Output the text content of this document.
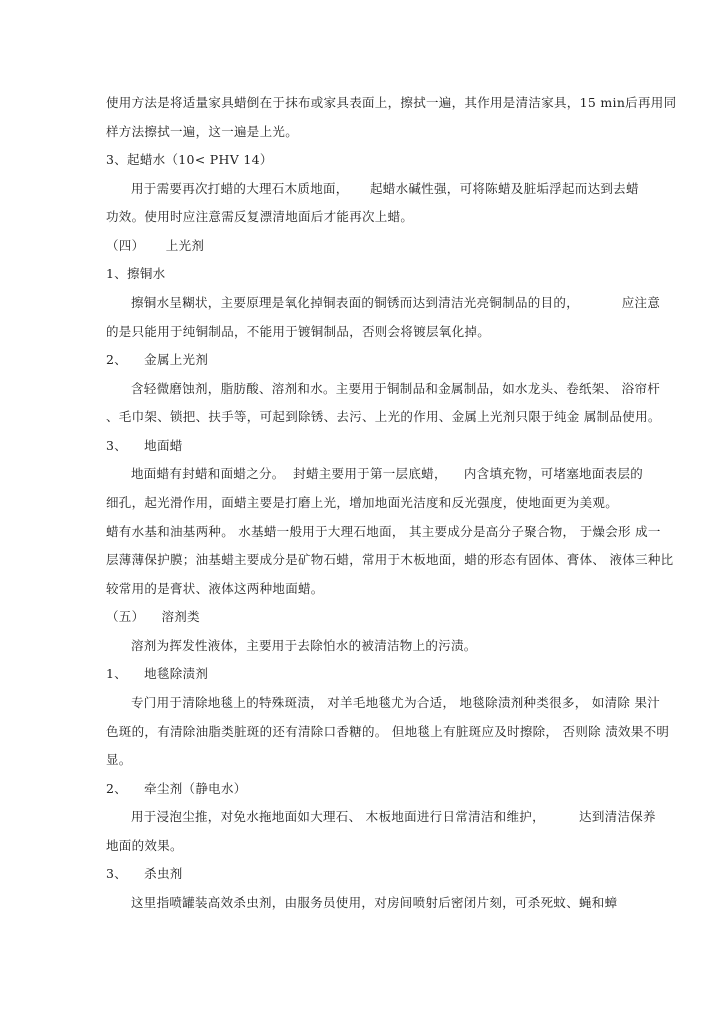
使用方法是将适量家具蜡倒在于抹布或家具表面上，擦拭一遍，其作用是清洁家具，15 min后再用同
样方法擦拭一遍，这一遍是上光。
3、起蜡水（10< PHV 14）
用于需要再次打蜡的大理石木质地面，     起蜡水碱性强，可将陈蜡及脏垢浮起而达到去蜡
功效。使用时应注意需反复漂清地面后才能再次上蜡。
（四）     上光剂
1、擦铜水
擦铜水呈糊状，主要原理是氧化掉铜表面的铜锈而达到清洁光亮铜制品的目的，          应注意
的是只能用于纯铜制品，不能用于镀铜制品，否则会将镀层氧化掉。
2、    金属上光剂
含轻微磨蚀剂，脂肪酸、溶剂和水。主要用于铜制品和金属制品，如水龙头、卷纸架、 浴帘杆
、毛巾架、锁把、扶手等，可起到除锈、去污、上光的作用、金属上光剂只限于纯金 属制品使用。
3、    地面蜡
地面蜡有封蜡和面蜡之分。  封蜡主要用于第一层底蜡，    内含填充物，可堵塞地面表层的
细孔，起光滑作用，面蜡主要是打磨上光，增加地面光洁度和反光强度，使地面更为美观。
蜡有水基和油基两种。 水基蜡一般用于大理石地面， 其主要成分是高分子聚合物， 于燥会形 成一
层薄薄保护膜；油基蜡主要成分是矿物石蜡，常用于木板地面，蜡的形态有固体、膏体、 液体三种比
较常用的是膏状、液体这两种地面蜡。
（五）    溶剂类
溶剂为挥发性液体，主要用于去除怕水的被清洁物上的污渍。
1、    地毯除渍剂
专门用于清除地毯上的特殊斑渍， 对羊毛地毯尤为合适， 地毯除渍剂种类很多， 如清除 果汁
色斑的，有清除油脂类脏斑的还有清除口香糖的。 但地毯上有脏斑应及时擦除， 否则除 渍效果不明
显。
2、    牵尘剂（静电水）
用于浸泡尘推，对免水拖地面如大理石、 木板地面进行日常清洁和维护，        达到清洁保养
地面的效果。
3、    杀虫剂
这里指喷罐装高效杀虫剂，由服务员使用，对房间喷射后密闭片刻，可杀死蚊、蝇和蟑
